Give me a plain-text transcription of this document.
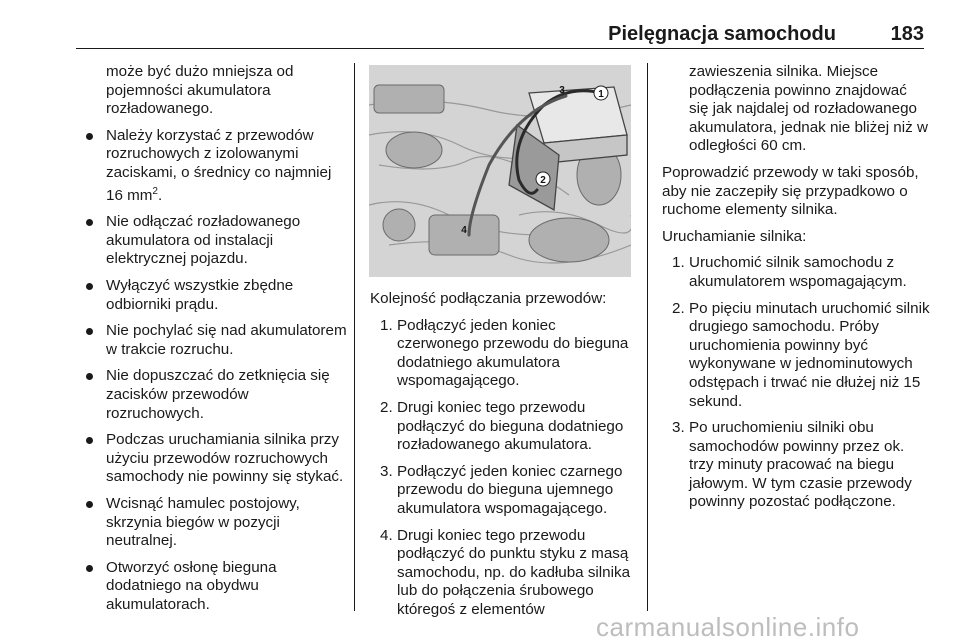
Pielęgnacja samochodu	183

może być dużo mniejsza od pojemności akumulatora rozładowanego.

Należy korzystać z przewodów rozruchowych z izolowanymi zaciskami, o średnicy co najmniej 16 $mm^2$.
Nie odłączać rozładowanego akumulatora od instalacji elektrycznej pojazdu.
Wyłączyć wszystkie zbędne odbiorniki prądu.
Nie pochylać się nad akumulatorem w trakcie rozruchu.
Nie dopuszczać do zetknięcia się zacisków przewodów rozruchowych.
Podczas uruchamiania silnika przy użyciu przewodów rozruchowych samochody nie powinny się stykać.
Wcisnąć hamulec postojowy, skrzynia biegów w pozycji neutralnej.
Otworzyć osłonę bieguna dodatniego na obydwu akumulatorach.
1
2
3
4

Kolejność podłączania przewodów:

1. Podłączyć jeden koniec czerwonego przewodu do bieguna dodatniego akumulatora wspomagającego.
2. Drugi koniec tego przewodu podłączyć do bieguna dodatniego rozładowanego akumulatora.
3. Podłączyć jeden koniec czarnego przewodu do bieguna ujemnego akumulatora wspomagającego.
4. Drugi koniec tego przewodu podłączyć do punktu styku z masą samochodu, np. do kadłuba silnika lub do połączenia śrubowego któregoś z elementów

zawieszenia silnika. Miejsce podłączenia powinno znajdować się jak najdalej od rozładowanego akumulatora, jednak nie bliżej niż w odległości 60 cm.

Poprowadzić przewody w taki sposób, aby nie zaczepiły się przypadkowo o ruchome elementy silnika.

Uruchamianie silnika:

1. Uruchomić silnik samochodu z akumulatorem wspomagającym.
2. Po pięciu minutach uruchomić silnik drugiego samochodu. Próby uruchomienia powinny być wykonywane w jednominutowych odstępach i trwać nie dłużej niż 15 sekund.
3. Po uruchomieniu silniki obu samochodów powinny przez ok. trzy minuty pracować na biegu jałowym. W tym czasie przewody powinny pozostać podłączone.
carmanualsonline.info
